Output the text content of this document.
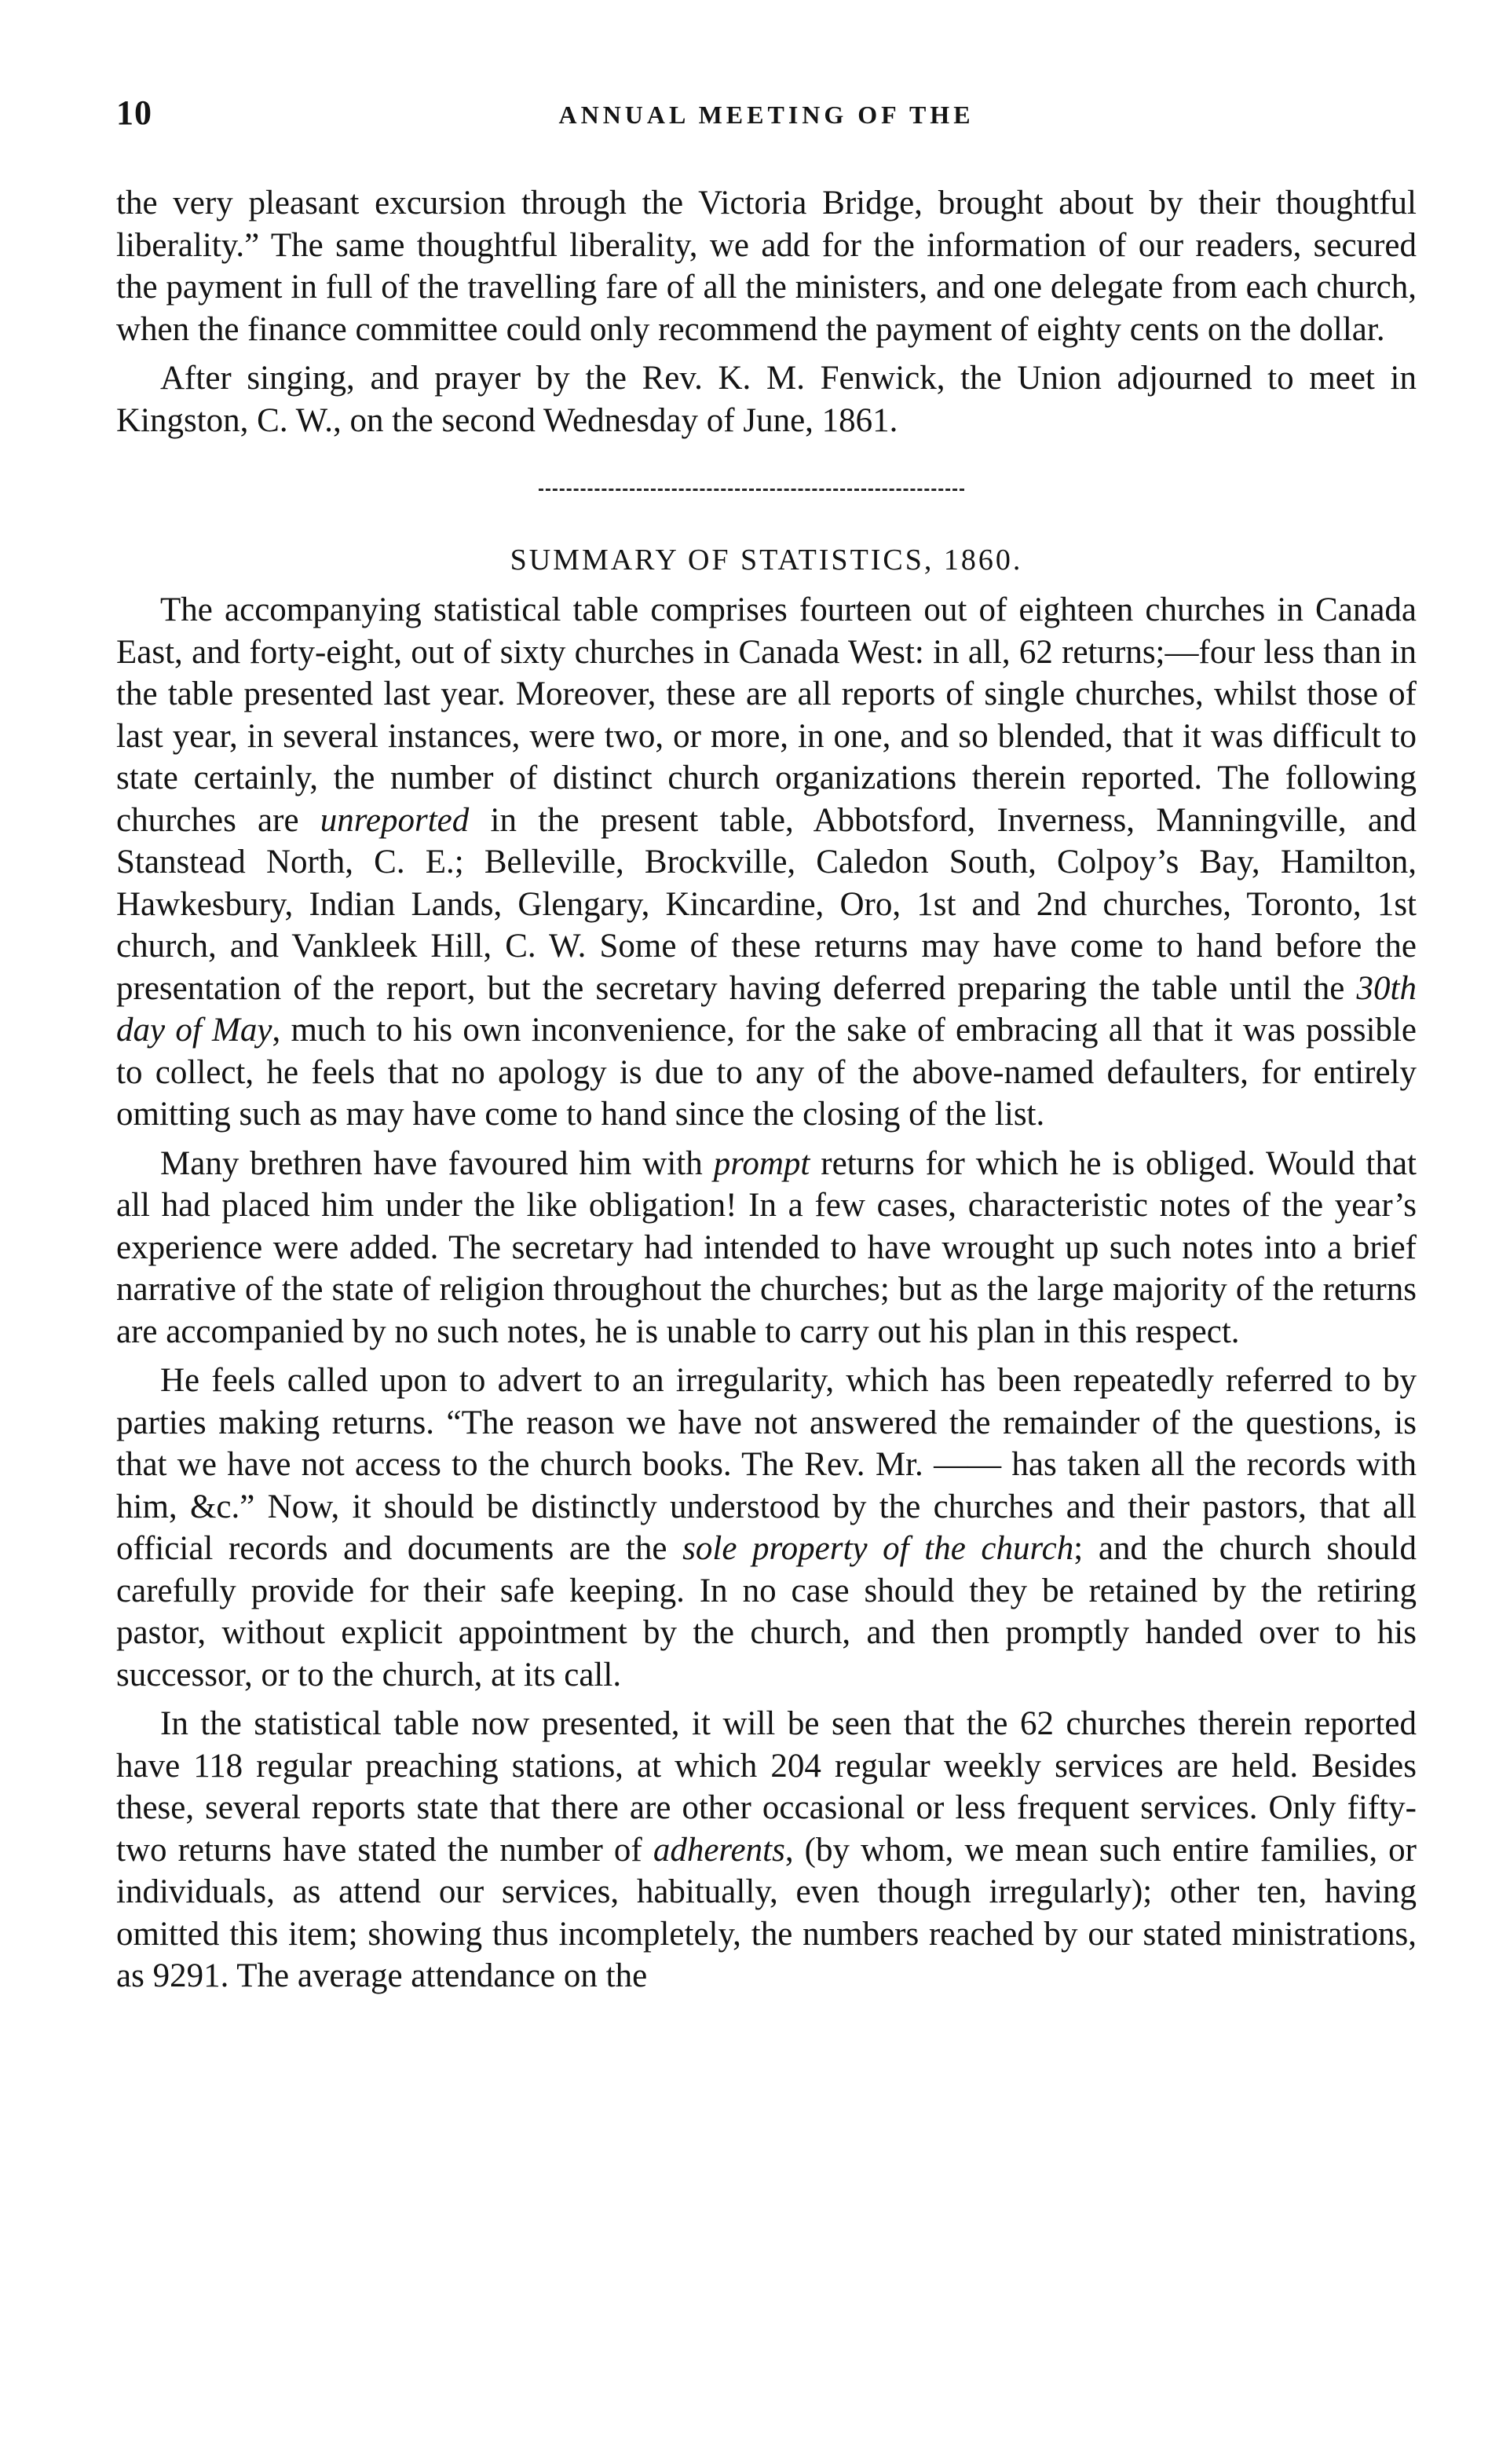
10	ANNUAL MEETING OF THE

the very pleasant excursion through the Victoria Bridge, brought about by their thoughtful liberality.” The same thoughtful liberality, we add for the information of our readers, secured the payment in full of the travelling fare of all the ministers, and one delegate from each church, when the finance committee could only recommend the payment of eighty cents on the dollar.

After singing, and prayer by the Rev. K. M. Fenwick, the Union adjourned to meet in Kingston, C. W., on the second Wednesday of June, 1861.

SUMMARY OF STATISTICS, 1860.

The accompanying statistical table comprises fourteen out of eighteen churches in Canada East, and forty-eight, out of sixty churches in Canada West: in all, 62 returns;—four less than in the table presented last year. Moreover, these are all reports of single churches, whilst those of last year, in several instances, were two, or more, in one, and so blended, that it was difficult to state certainly, the number of distinct church organizations therein reported. The following churches are unreported in the present table, Abbotsford, Inverness, Manningville, and Stanstead North, C. E.; Belleville, Brockville, Caledon South, Colpoy’s Bay, Hamilton, Hawkesbury, Indian Lands, Glengary, Kincardine, Oro, 1st and 2nd churches, Toronto, 1st church, and Vankleek Hill, C. W. Some of these returns may have come to hand before the presentation of the report, but the secretary having deferred preparing the table until the 30th day of May, much to his own inconvenience, for the sake of embracing all that it was possible to collect, he feels that no apology is due to any of the above-named defaulters, for entirely omitting such as may have come to hand since the closing of the list.

Many brethren have favoured him with prompt returns for which he is obliged. Would that all had placed him under the like obligation! In a few cases, characteristic notes of the year’s experience were added. The secretary had intended to have wrought up such notes into a brief narrative of the state of religion throughout the churches; but as the large majority of the returns are accompanied by no such notes, he is unable to carry out his plan in this respect.

He feels called upon to advert to an irregularity, which has been repeatedly referred to by parties making returns. “The reason we have not answered the remainder of the questions, is that we have not access to the church books. The Rev. Mr. —— has taken all the records with him, &c.” Now, it should be distinctly understood by the churches and their pastors, that all official records and documents are the sole property of the church; and the church should carefully provide for their safe keeping. In no case should they be retained by the retiring pastor, without explicit appointment by the church, and then promptly handed over to his successor, or to the church, at its call.

In the statistical table now presented, it will be seen that the 62 churches therein reported have 118 regular preaching stations, at which 204 regular weekly services are held. Besides these, several reports state that there are other occasional or less frequent services. Only fifty-two returns have stated the number of adherents, (by whom, we mean such entire families, or individuals, as attend our services, habitually, even though irregularly); other ten, having omitted this item; showing thus incompletely, the numbers reached by our stated ministrations, as 9291. The average attendance on the
